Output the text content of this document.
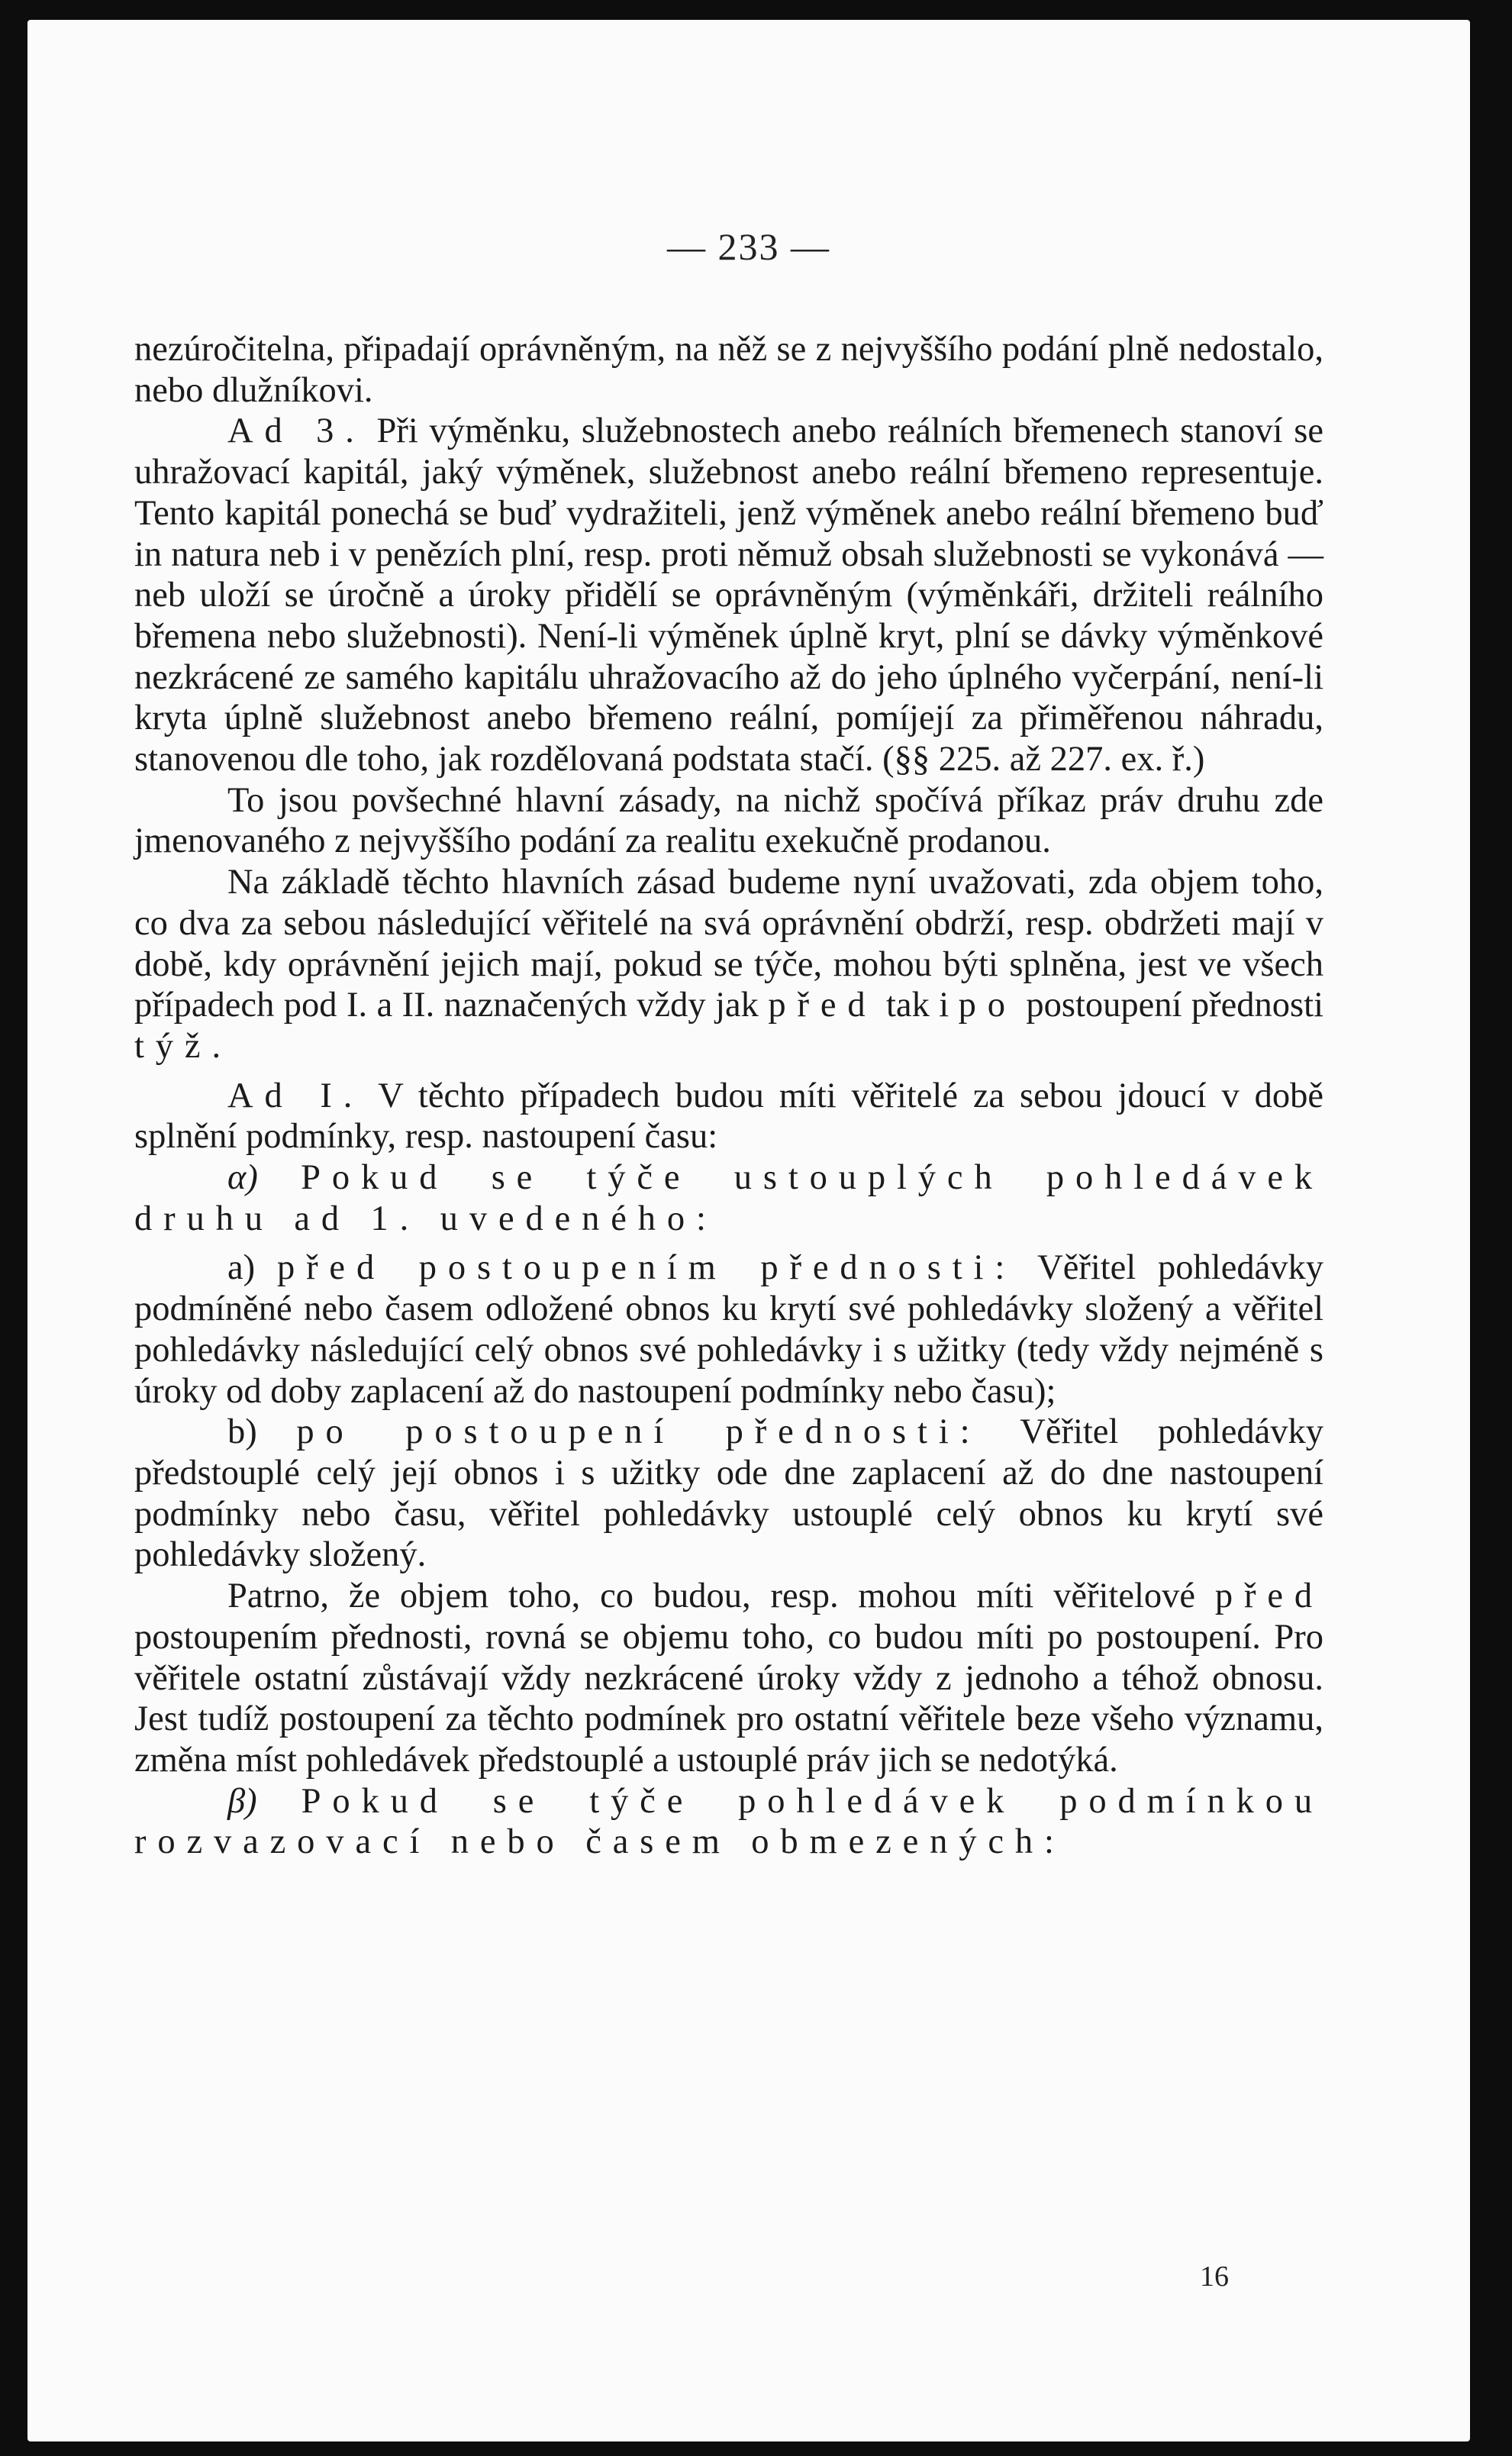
— 233 —

nezúročitelna, připadají oprávněným, na něž se z nejvyššího podání plně nedostalo, nebo dlužníkovi.

Ad 3. Při výměnku, služebnostech anebo reálních břemenech stanoví se uhražovací kapitál, jaký výměnek, služebnost anebo reální břemeno representuje. Tento kapitál ponechá se buď vydražiteli, jenž výměnek anebo reální břemeno buď in natura neb i v penězích plní, resp. proti němuž obsah služebnosti se vykonává — neb uloží se úročně a úroky přidělí se oprávněným (výměnkáři, držiteli reálního břemena nebo služebnosti). Není-li výměnek úplně kryt, plní se dávky výměnkové nezkrácené ze samého kapitálu uhražovacího až do jeho úplného vyčerpání, není-li kryta úplně služebnost anebo břemeno reální, pomíjejí za přiměřenou náhradu, stanovenou dle toho, jak rozdělovaná podstata stačí. (§§ 225. až 227. ex. ř.)

To jsou povšechné hlavní zásady, na nichž spočívá příkaz práv druhu zde jmenovaného z nejvyššího podání za realitu exekučně prodanou.

Na základě těchto hlavních zásad budeme nyní uvažovati, zda objem toho, co dva za sebou následující věřitelé na svá oprávnění obdrží, resp. obdržeti mají v době, kdy oprávnění jejich mají, pokud se týče, mohou býti splněna, jest ve všech případech pod I. a II. naznačených vždy jak před tak i po postoupení přednosti týž.

Ad I. V těchto případech budou míti věřitelé za sebou jdoucí v době splnění podmínky, resp. nastoupení času:

α) Pokud se týče ustouplých pohledávek druhu ad 1. uvedeného:

a) před postoupením přednosti: Věřitel pohledávky podmíněné nebo časem odložené obnos ku krytí své pohledávky složený a věřitel pohledávky následující celý obnos své pohledávky i s užitky (tedy vždy nejméně s úroky od doby zaplacení až do nastoupení podmínky nebo času);

b) po postoupení přednosti: Věřitel pohledávky předstouplé celý její obnos i s užitky ode dne zaplacení až do dne nastoupení podmínky nebo času, věřitel pohledávky ustouplé celý obnos ku krytí své pohledávky složený.

Patrno, že objem toho, co budou, resp. mohou míti věřitelové před postoupením přednosti, rovná se objemu toho, co budou míti po postoupení. Pro věřitele ostatní zůstávají vždy nezkrácené úroky vždy z jednoho a téhož obnosu. Jest tudíž postoupení za těchto podmínek pro ostatní věřitele beze všeho významu, změna míst pohledávek předstouplé a ustouplé práv jich se nedotýká.

β) Pokud se týče pohledávek podmínkou rozvazovací nebo časem obmezených:

16
